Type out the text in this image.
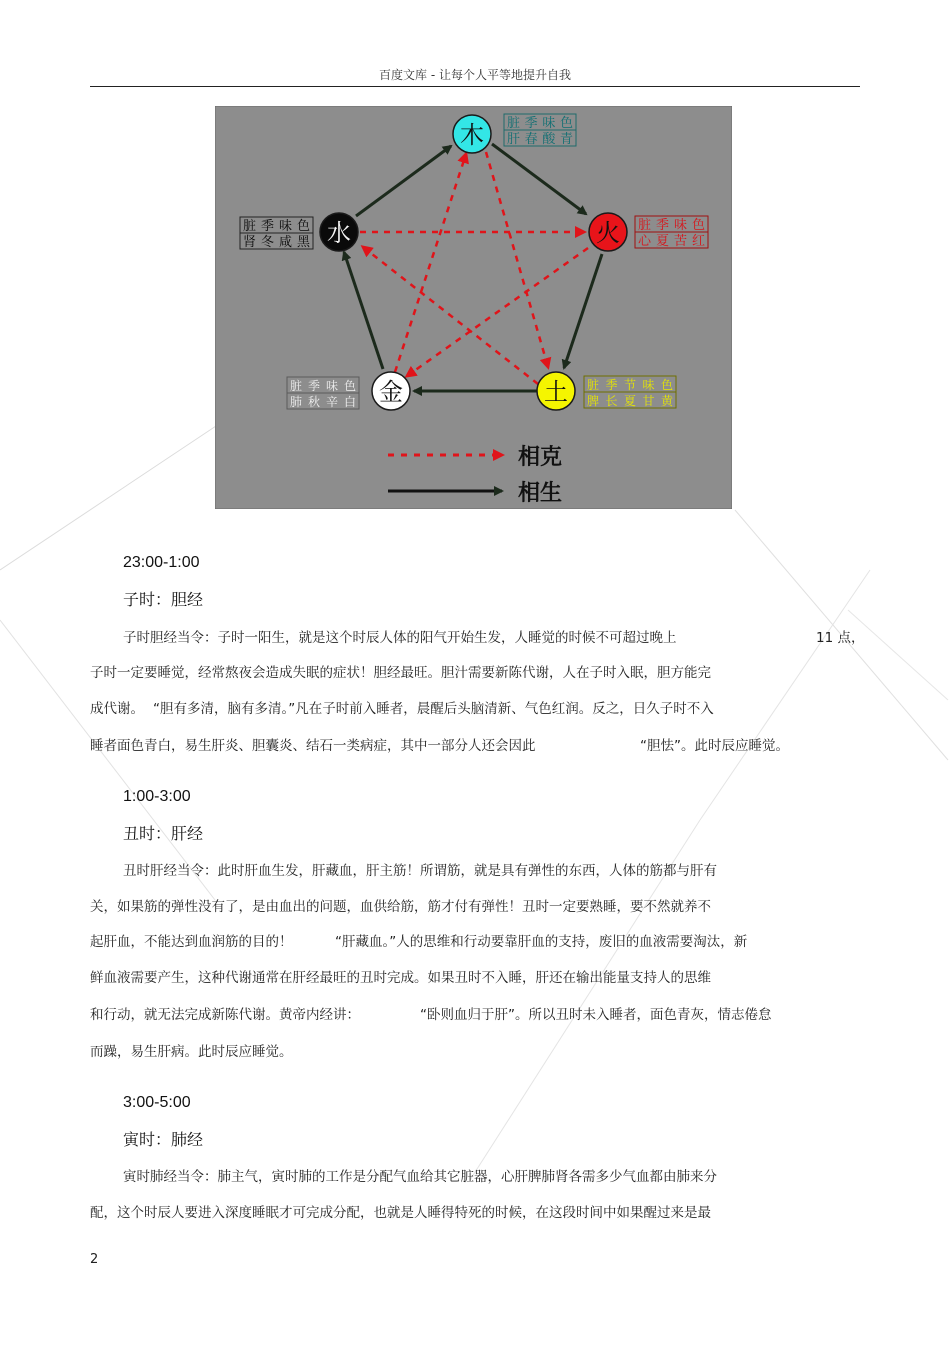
百度文库 - 让每个人平等地提升自我
木
火
土
金
水
脏季味色
肝春酸青
脏季味色
心夏苦红
脏季节味色
脾长夏甘黄
脏季味色
肺秋辛白
脏季味色
肾冬咸黑
相克
相生
23:00-1:00
子时：胆经
子时胆经当令：子时一阳生，就是这个时辰人体的阳气开始生发，人睡觉的时候不可超过晚上	11 点，
子时一定要睡觉，经常熬夜会造成失眠的症状！胆经最旺。胆汁需要新陈代谢，人在子时入眠，胆方能完
成代谢。 “胆有多清，脑有多清。”凡在子时前入睡者，晨醒后头脑清新、气色红润。反之，日久子时不入
睡者面色青白，易生肝炎、胆囊炎、结石一类病症，其中一部分人还会因此	“胆怯”。此时辰应睡觉。
1:00-3:00
丑时：肝经
丑时肝经当令：此时肝血生发，肝藏血，肝主筋！所谓筋，就是具有弹性的东西，人体的筋都与肝有
关，如果筋的弹性没有了，是由血出的问题，血供给筋，筋才付有弹性！丑时一定要熟睡，要不然就养不
起肝血，不能达到血润筋的目的！	“肝藏血。”人的思维和行动要靠肝血的支持，废旧的血液需要淘汰，新
鲜血液需要产生，这种代谢通常在肝经最旺的丑时完成。如果丑时不入睡，肝还在输出能量支持人的思维
和行动，就无法完成新陈代谢。黄帝内经讲：	“卧则血归于肝”。所以丑时未入睡者，面色青灰，情志倦怠
而躁，易生肝病。此时辰应睡觉。
3:00-5:00
寅时：肺经
寅时肺经当令：肺主气，寅时肺的工作是分配气血给其它脏器，心肝脾肺肾各需多少气血都由肺来分
配，这个时辰人要进入深度睡眠才可完成分配，也就是人睡得特死的时候，在这段时间中如果醒过来是最
2
